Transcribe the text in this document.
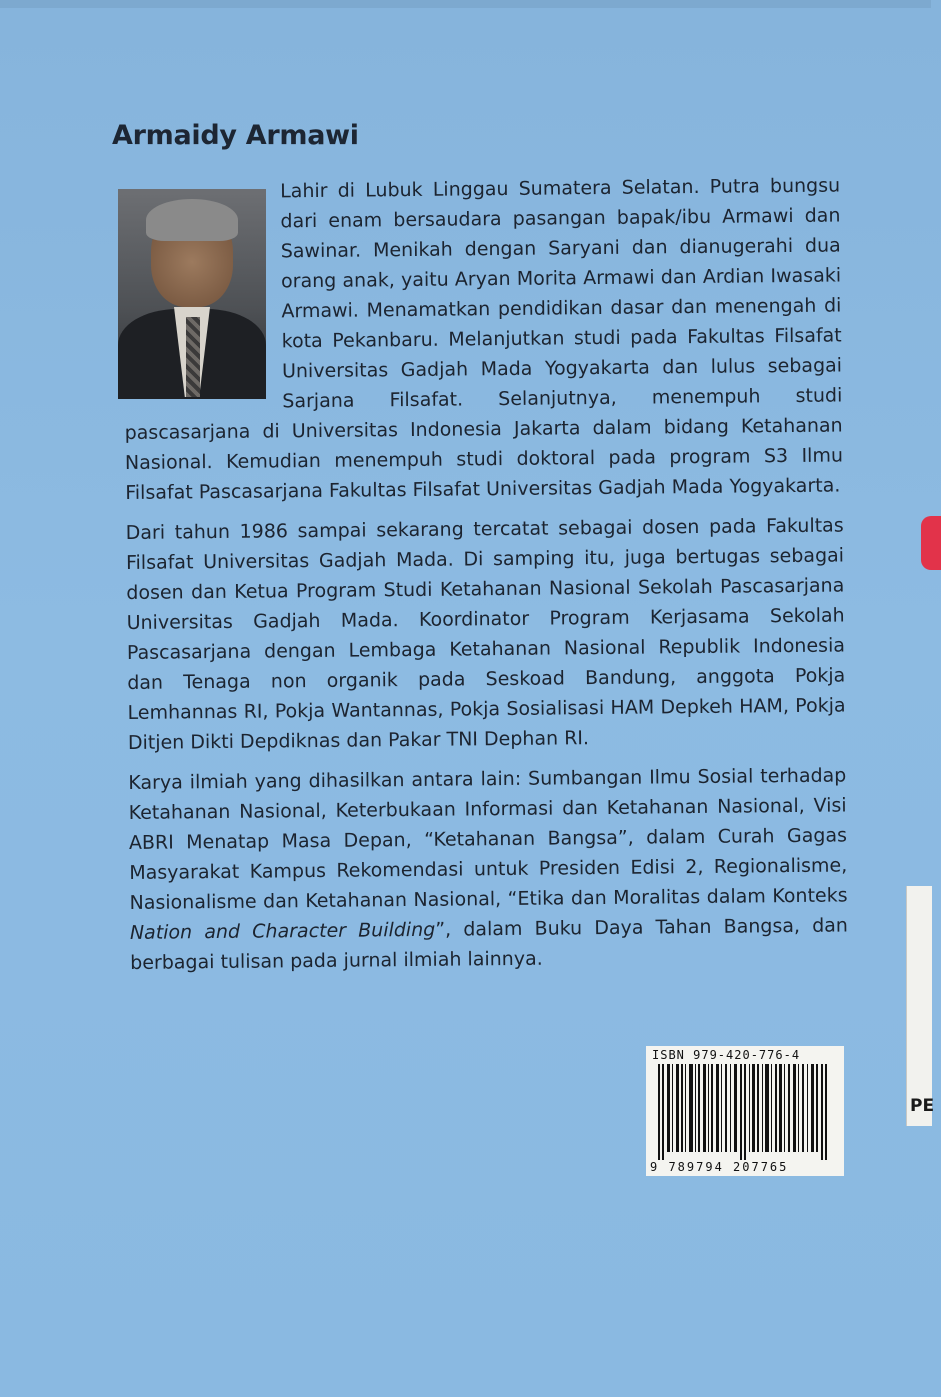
Armaidy Armawi

Lahir di Lubuk Linggau Sumatera Selatan. Putra bungsu dari enam bersaudara pasangan bapak/ibu Armawi dan Sawinar. Menikah dengan Saryani dan dianugerahi dua orang anak, yaitu Aryan Morita Armawi dan Ardian Iwasaki Armawi. Menamatkan pendidikan dasar dan menengah di kota Pekanbaru. Melanjutkan studi pada Fakultas Filsafat Universitas Gadjah Mada Yogyakarta dan lulus sebagai Sarjana Filsafat. Selanjutnya, menempuh studi pascasarjana di Universitas Indonesia Jakarta dalam bidang Ketahanan Nasional. Kemudian menempuh studi doktoral pada program S3 Ilmu Filsafat Pascasarjana Fakultas Filsafat Universitas Gadjah Mada Yogyakarta.

Dari tahun 1986 sampai sekarang tercatat sebagai dosen pada Fakultas Filsafat Universitas Gadjah Mada. Di samping itu, juga bertugas sebagai dosen dan Ketua Program Studi Ketahanan Nasional Sekolah Pascasarjana Universitas Gadjah Mada. Koordinator Program Kerjasama Sekolah Pascasarjana dengan Lembaga Ketahanan Nasional Republik Indonesia dan Tenaga non organik pada Seskoad Bandung, anggota Pokja Lemhannas RI, Pokja Wantannas, Pokja Sosialisasi HAM Depkeh HAM, Pokja Ditjen Dikti Depdiknas dan Pakar TNI Dephan RI.

Karya ilmiah yang dihasilkan antara lain: Sumbangan Ilmu Sosial terhadap Ketahanan Nasional, Keterbukaan Informasi dan Ketahanan Nasional, Visi ABRI Menatap Masa Depan, “Ketahanan Bangsa”, dalam Curah Gagas Masyarakat Kampus Rekomendasi untuk Presiden Edisi 2, Regionalisme, Nasionalisme dan Ketahanan Nasional, “Etika dan Moralitas dalam Konteks Nation and Character Building”, dalam Buku Daya Tahan Bangsa, dan berbagai tulisan pada jurnal ilmiah lainnya.

ISBN 979-420-776-4
9 789794 207765
PE
